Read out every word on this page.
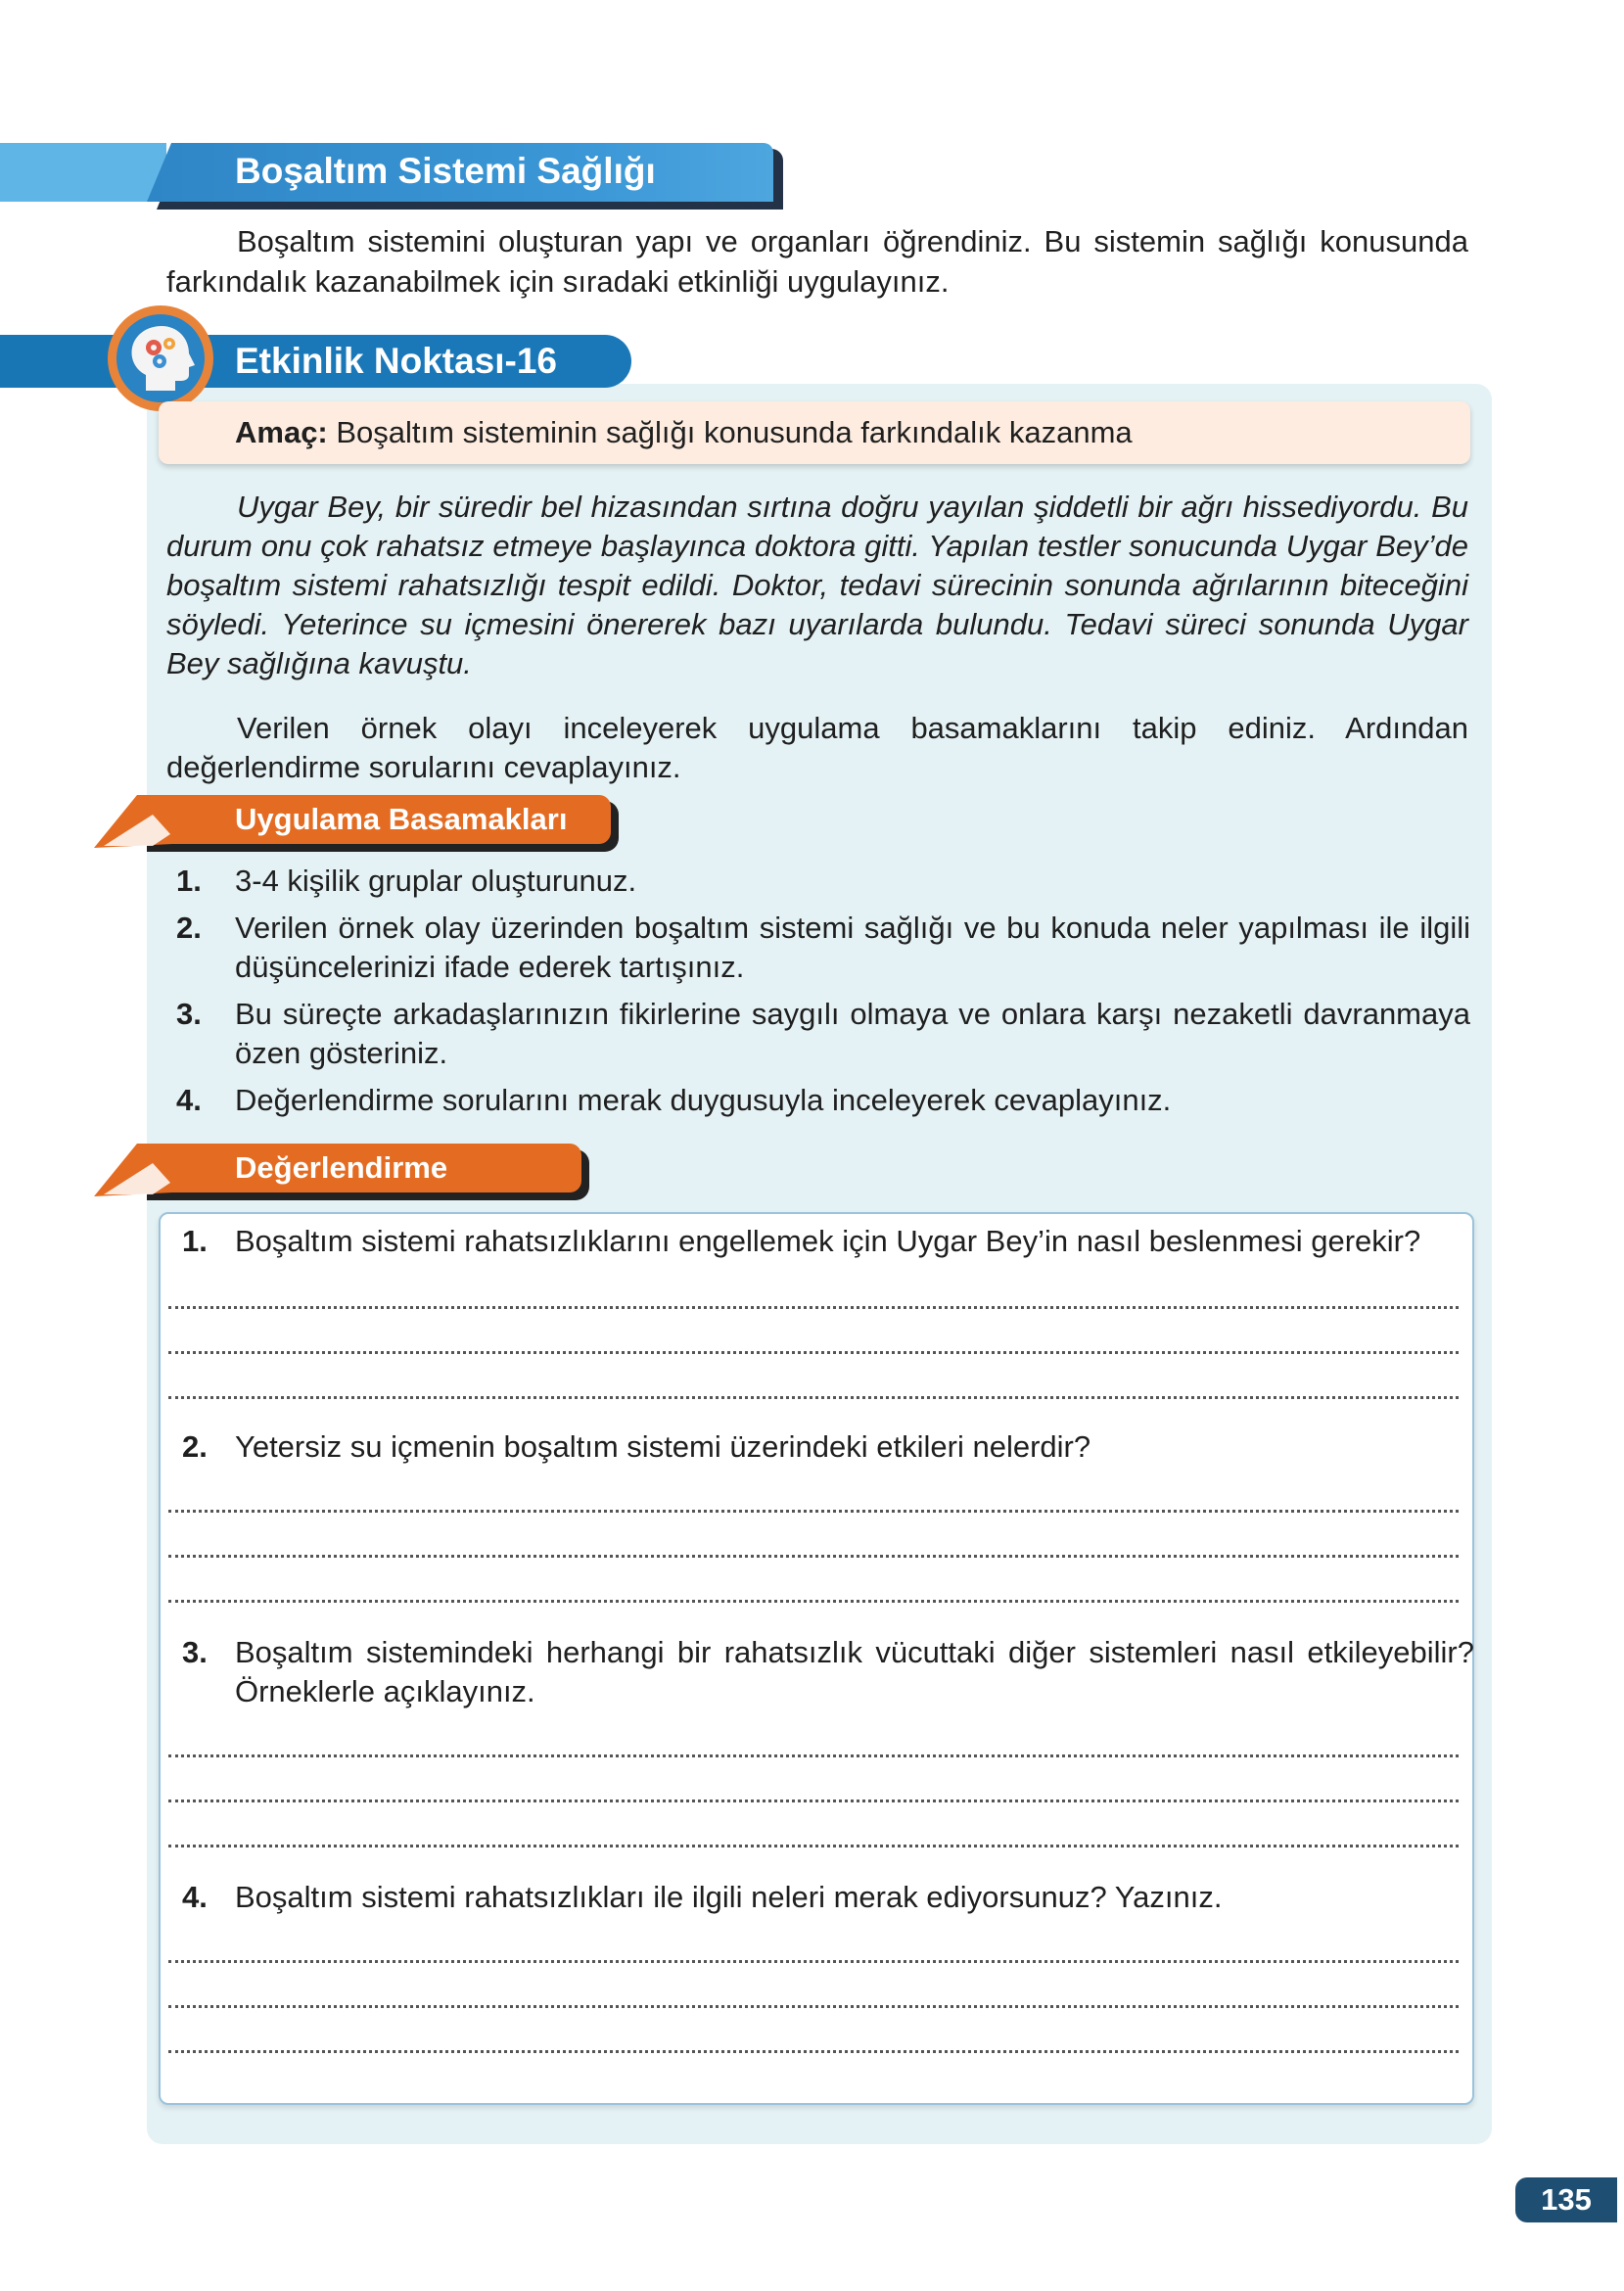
Boşaltım Sistemi Sağlığı
Boşaltım sistemini oluşturan yapı ve organları öğrendiniz. Bu sistemin sağlığı konusunda farkındalık kazanabilmek için sıradaki etkinliği uygulayınız.
Etkinlik Noktası-16
Amaç: Boşaltım sisteminin sağlığı konusunda farkındalık kazanma
Uygar Bey, bir süredir bel hizasından sırtına doğru yayılan şiddetli bir ağrı hissediyordu. Bu durum onu çok rahatsız etmeye başlayınca doktora gitti. Yapılan testler sonucunda Uygar Bey’de boşaltım sistemi rahatsızlığı tespit edildi. Doktor, tedavi sürecinin sonunda ağrılarının biteceğini söyledi. Yeterince su içmesini önererek bazı uyarılarda bulundu. Tedavi süreci sonunda Uygar Bey sağlığına kavuştu.
Verilen örnek olayı inceleyerek uygulama basamaklarını takip ediniz. Ardından değerlendirme sorularını cevaplayınız.
Uygulama Basamakları
1. 3-4 kişilik gruplar oluşturunuz.
2. Verilen örnek olay üzerinden boşaltım sistemi sağlığı ve bu konuda neler yapılması ile ilgili düşüncelerinizi ifade ederek tartışınız.
3. Bu süreçte arkadaşlarınızın fikirlerine saygılı olmaya ve onlara karşı nezaketli davranmaya özen gösteriniz.
4. Değerlendirme sorularını merak duygusuyla inceleyerek cevaplayınız.
Değerlendirme
1. Boşaltım sistemi rahatsızlıklarını engellemek için Uygar Bey’in nasıl beslenmesi gerekir?
2. Yetersiz su içmenin boşaltım sistemi üzerindeki etkileri nelerdir?
3. Boşaltım sistemindeki herhangi bir rahatsızlık vücuttaki diğer sistemleri nasıl etkileyebilir? Örneklerle açıklayınız.
4. Boşaltım sistemi rahatsızlıkları ile ilgili neleri merak ediyorsunuz? Yazınız.
135
